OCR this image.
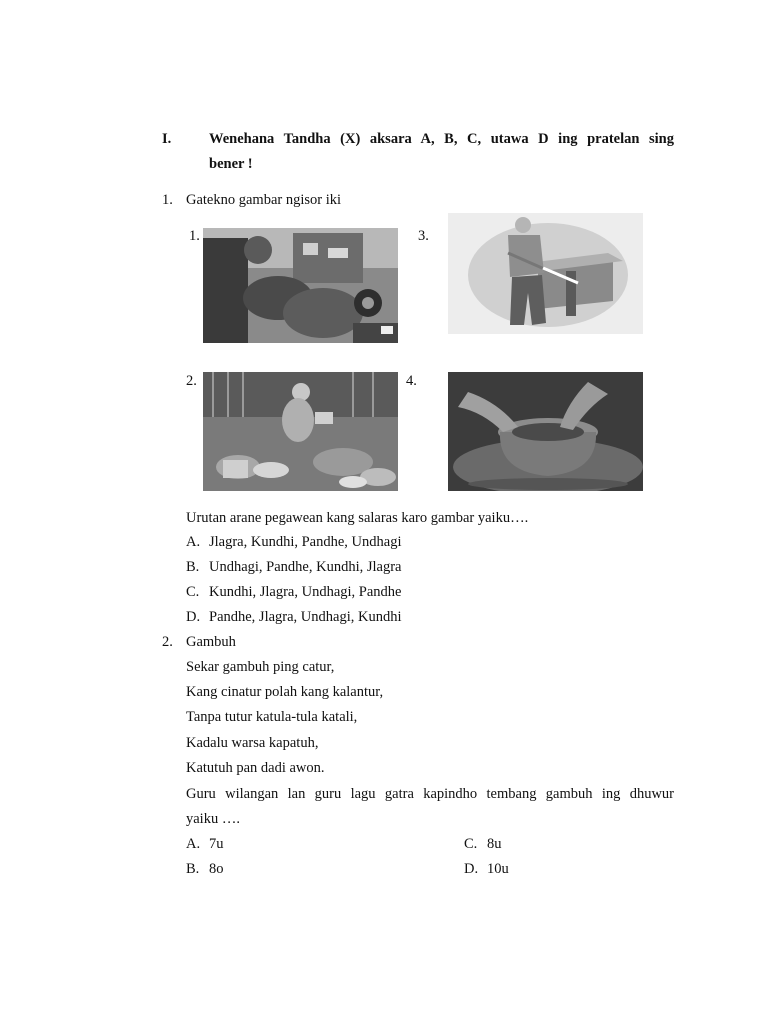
I.	Wenehana Tandha (X) aksara A, B, C, utawa D ing pratelan sing
bener !
1. Gatekno gambar ngisor iki
1.
2.
3.
4.
Urutan arane pegawean kang salaras karo gambar yaiku….
A. Jlagra, Kundhi, Pandhe, Undhagi
B. Undhagi, Pandhe, Kundhi, Jlagra
C. Kundhi, Jlagra, Undhagi, Pandhe
D. Pandhe, Jlagra, Undhagi, Kundhi
2. Gambuh
Sekar gambuh ping catur,
Kang cinatur polah kang kalantur,
Tanpa tutur katula-tula katali,
Kadalu warsa kapatuh,
Katutuh pan dadi awon.
Guru wilangan lan guru lagu gatra kapindho tembang gambuh ing dhuwur
yaiku ….
A. 7u
B. 8o
C. 8u
D. 10u
